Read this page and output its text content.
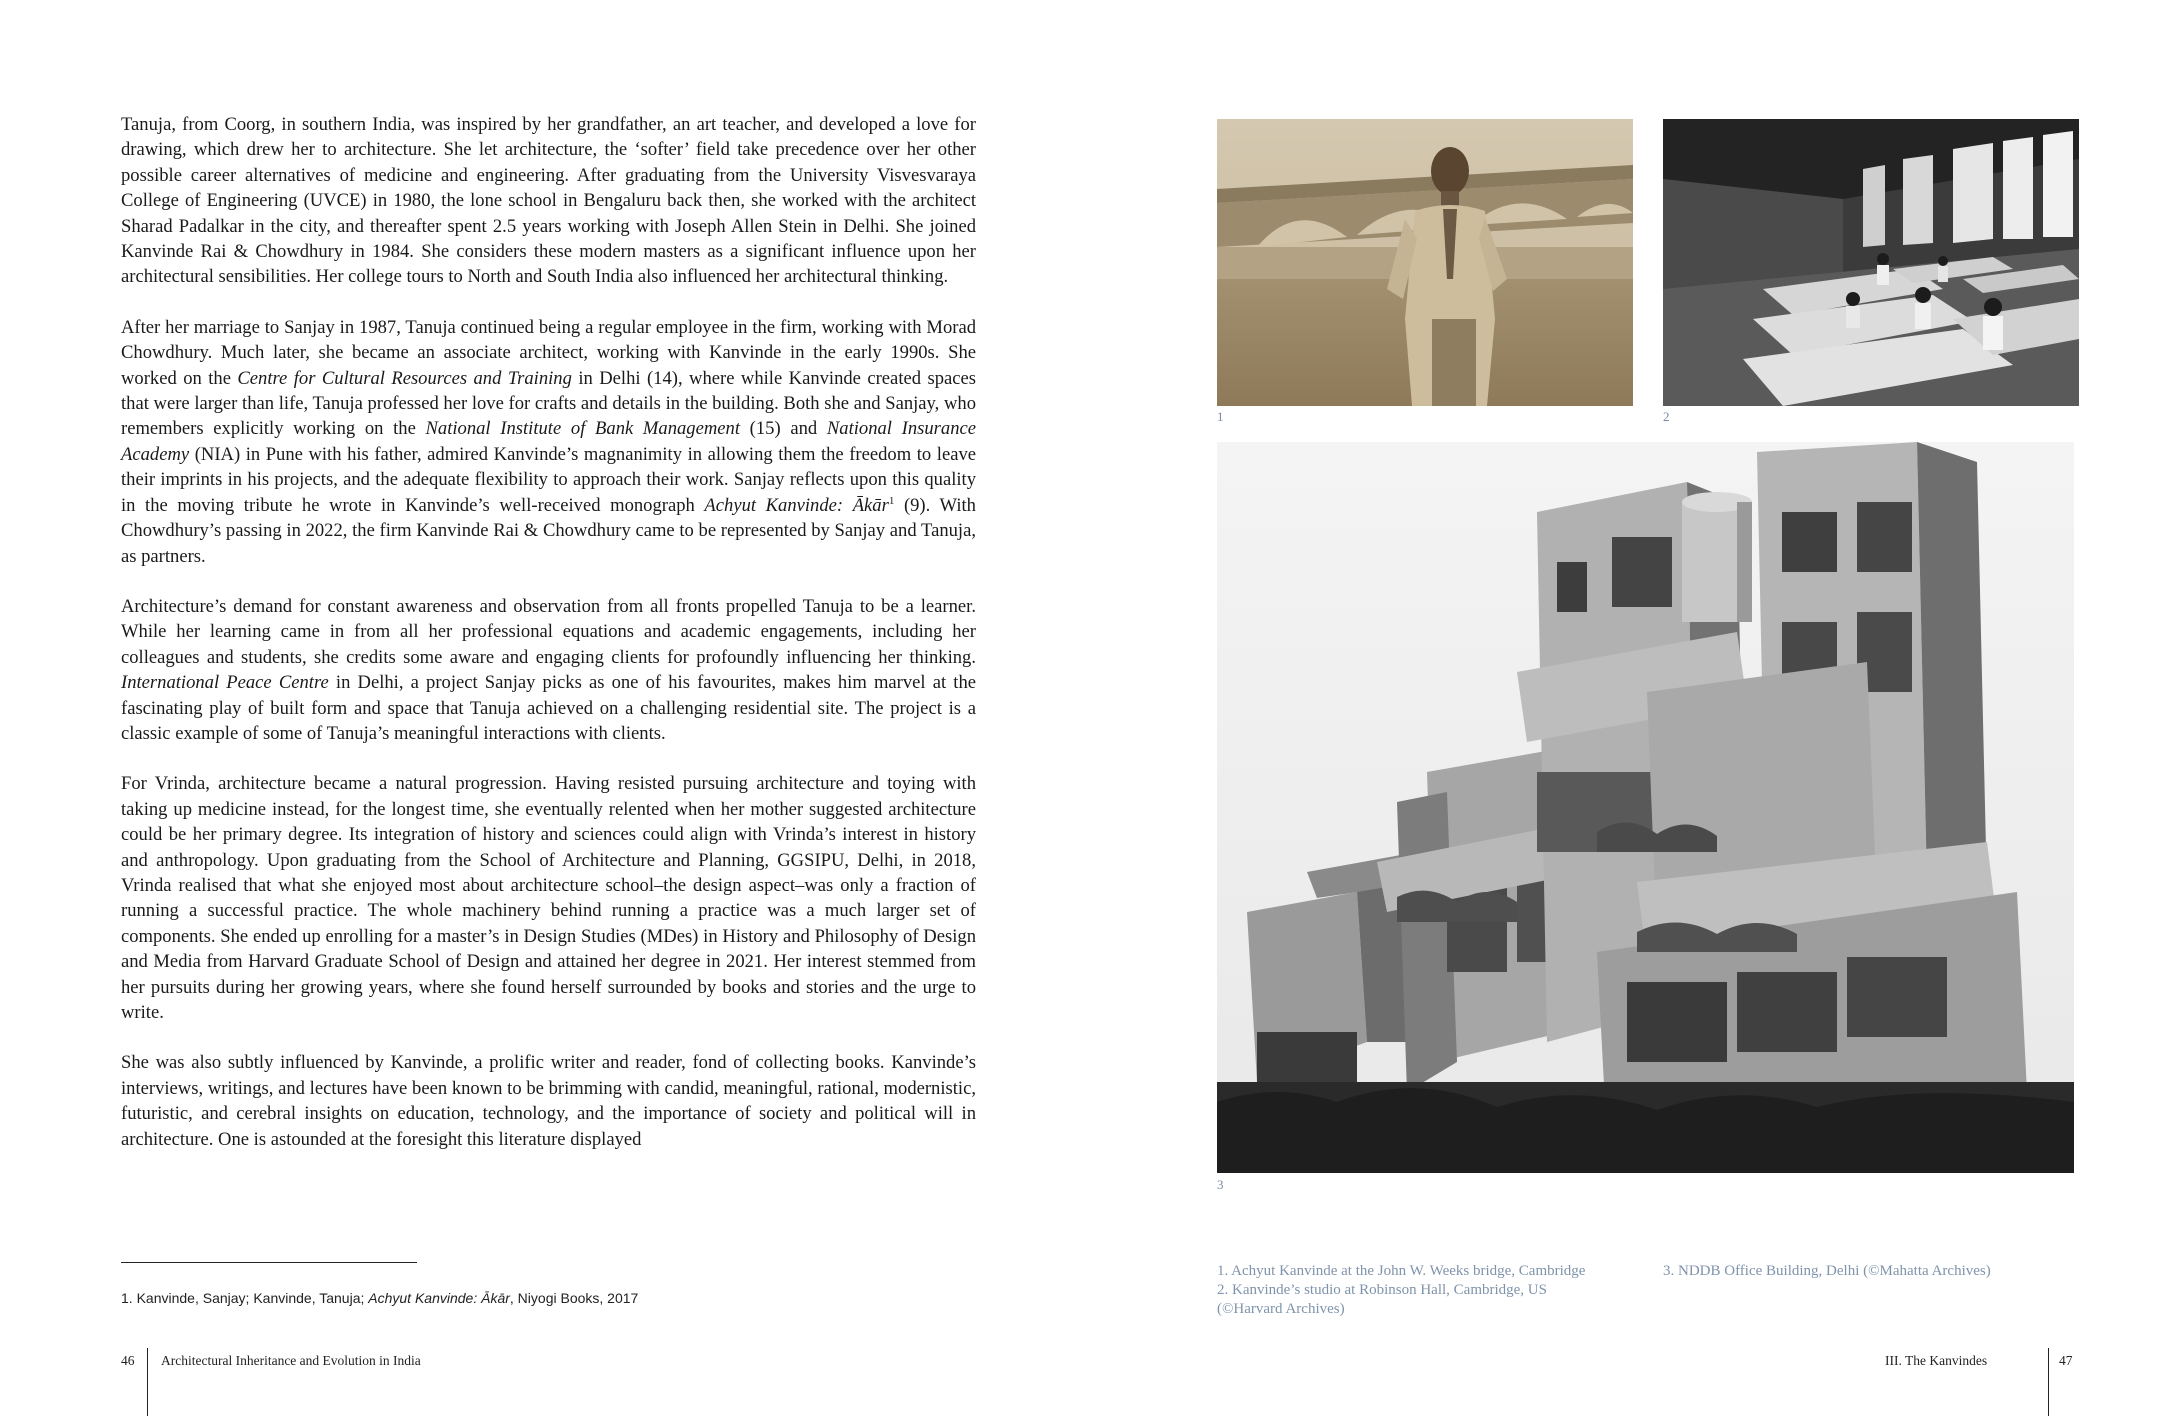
Tanuja, from Coorg, in southern India, was inspired by her grandfather, an art teacher, and developed a love for drawing, which drew her to architecture. She let architecture, the ‘softer’ field take precedence over her other possible career alternatives of medicine and engineering. After graduating from the University Visvesvaraya College of Engineering (UVCE) in 1980, the lone school in Bengaluru back then, she worked with the architect Sharad Padalkar in the city, and thereafter spent 2.5 years working with Joseph Allen Stein in Delhi. She joined Kanvinde Rai & Chowdhury in 1984. She considers these modern masters as a significant influence upon her architectural sensibilities. Her college tours to North and South India also influenced her architectural thinking.

After her marriage to Sanjay in 1987, Tanuja continued being a regular employee in the firm, working with Morad Chowdhury. Much later, she became an associate architect, working with Kanvinde in the early 1990s. She worked on the Centre for Cultural Resources and Training in Delhi (14), where while Kanvinde created spaces that were larger than life, Tanuja professed her love for crafts and details in the building. Both she and Sanjay, who remembers explicitly working on the National Institute of Bank Management (15) and National Insurance Academy (NIA) in Pune with his father, admired Kanvinde’s magnanimity in allowing them the freedom to leave their imprints in his projects, and the adequate flexibility to approach their work. Sanjay reflects upon this quality in the moving tribute he wrote in Kanvinde’s well-received monograph Achyut Kanvinde: Ākār$^1$ (9). With Chowdhury’s passing in 2022, the firm Kanvinde Rai & Chowdhury came to be represented by Sanjay and Tanuja, as partners.

Architecture’s demand for constant awareness and observation from all fronts propelled Tanuja to be a learner. While her learning came in from all her professional equations and academic engagements, including her colleagues and students, she credits some aware and engaging clients for profoundly influencing her thinking. International Peace Centre in Delhi, a project Sanjay picks as one of his favourites, makes him marvel at the fascinating play of built form and space that Tanuja achieved on a challenging residential site. The project is a classic example of some of Tanuja’s meaningful interactions with clients.

For Vrinda, architecture became a natural progression. Having resisted pursuing architecture and toying with taking up medicine instead, for the longest time, she eventually relented when her mother suggested architecture could be her primary degree. Its integration of history and sciences could align with Vrinda’s interest in history and anthropology. Upon graduating from the School of Architecture and Planning, GGSIPU, Delhi, in 2018, Vrinda realised that what she enjoyed most about architecture school–the design aspect–was only a fraction of running a successful practice. The whole machinery behind running a practice was a much larger set of components. She ended up enrolling for a master’s in Design Studies (MDes) in History and Philosophy of Design and Media from Harvard Graduate School of Design and attained her degree in 2021. Her interest stemmed from her pursuits during her growing years, where she found herself surrounded by books and stories and the urge to write.

She was also subtly influenced by Kanvinde, a prolific writer and reader, fond of collecting books. Kanvinde’s interviews, writings, and lectures have been known to be brimming with candid, meaningful, rational, modernistic, futuristic, and cerebral insights on education, technology, and the importance of society and political will in architecture. One is astounded at the foresight this literature displayed

1. Kanvinde, Sanjay; Kanvinde, Tanuja; Achyut Kanvinde: Ākār, Niyogi Books, 2017
46 Architectural Inheritance and Evolution in India
1	2
3
1. Achyut Kanvinde at the John W. Weeks bridge, Cambridge
2. Kanvinde’s studio at Robinson Hall, Cambridge, US
(©Harvard Archives)
3. NDDB Office Building, Delhi (©Mahatta Archives)
III. The Kanvindes	47
